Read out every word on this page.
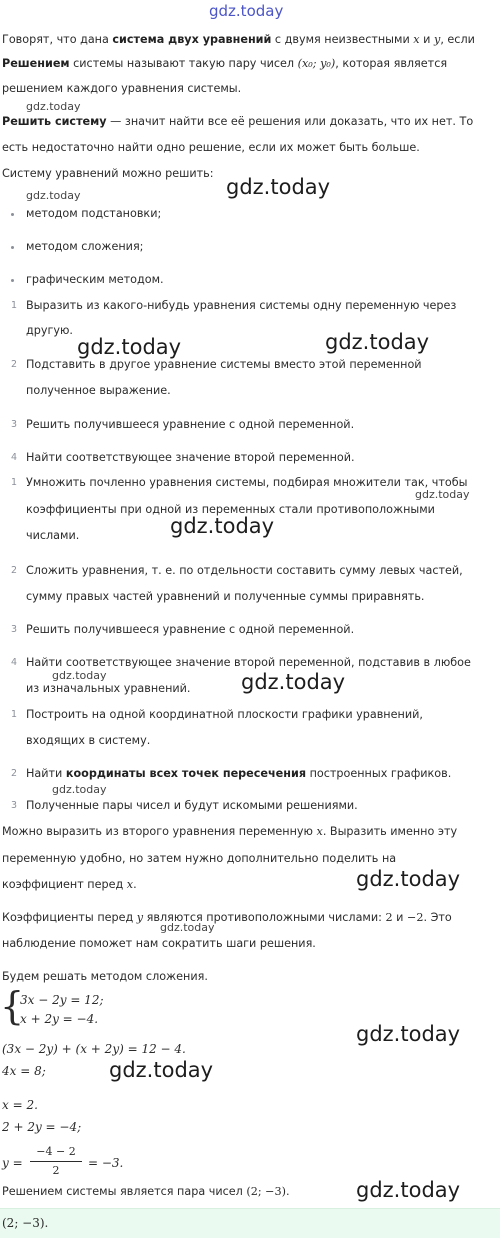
gdz.today
gdz.today
gdz.today	gdz.today
gdz.today	gdz.today
gdz.today
gdz.today
gdz.today	gdz.today
gdz.today
gdz.today
gdz.today
gdz.today
gdz.today
gdz.today
Говорят, что дана система двух уравнений с двумя неизвестными x и y, если
Решением системы называют такую пару чисел (x₀; y₀), которая является
решением каждого уравнения системы.
Решить систему — значит найти все её решения или доказать, что их нет. То
есть недостаточно найти одно решение, если их может быть больше.
Систему уравнений можно решить:
методом подстановки;
методом сложения;
графическим методом.
1 Выразить из какого-нибудь уравнения системы одну переменную через
другую.
2 Подставить в другое уравнение системы вместо этой переменной
полученное выражение.
3 Решить получившееся уравнение с одной переменной.
4 Найти соответствующее значение второй переменной.
1 Умножить почленно уравнения системы, подбирая множители так, чтобы
коэффициенты при одной из переменных стали противоположными
числами.
2 Сложить уравнения, т. е. по отдельности составить сумму левых частей,
сумму правых частей уравнений и полученные суммы приравнять.
3 Решить получившееся уравнение с одной переменной.
4 Найти соответствующее значение второй переменной, подставив в любое
из изначальных уравнений.
1 Построить на одной координатной плоскости графики уравнений,
входящих в систему.
2 Найти координаты всех точек пересечения построенных графиков.
3 Полученные пары чисел и будут искомыми решениями.
Можно выразить из второго уравнения переменную x. Выразить именно эту
переменную удобно, но затем нужно дополнительно поделить на
коэффициент перед x.
Коэффициенты перед y являются противоположными числами: 2 и −2. Это
наблюдение поможет нам сократить шаги решения.
Будем решать методом сложения.
{
3x − 2y = 12;
x + 2y = −4.
(3x − 2y) + (x + 2y) = 12 − 4.
4x = 8;
x = 2.
2 + 2y = −4;
y =
−4 − 2
2
= −3.
Решением системы является пара чисел (2; −3).
(2; −3).
